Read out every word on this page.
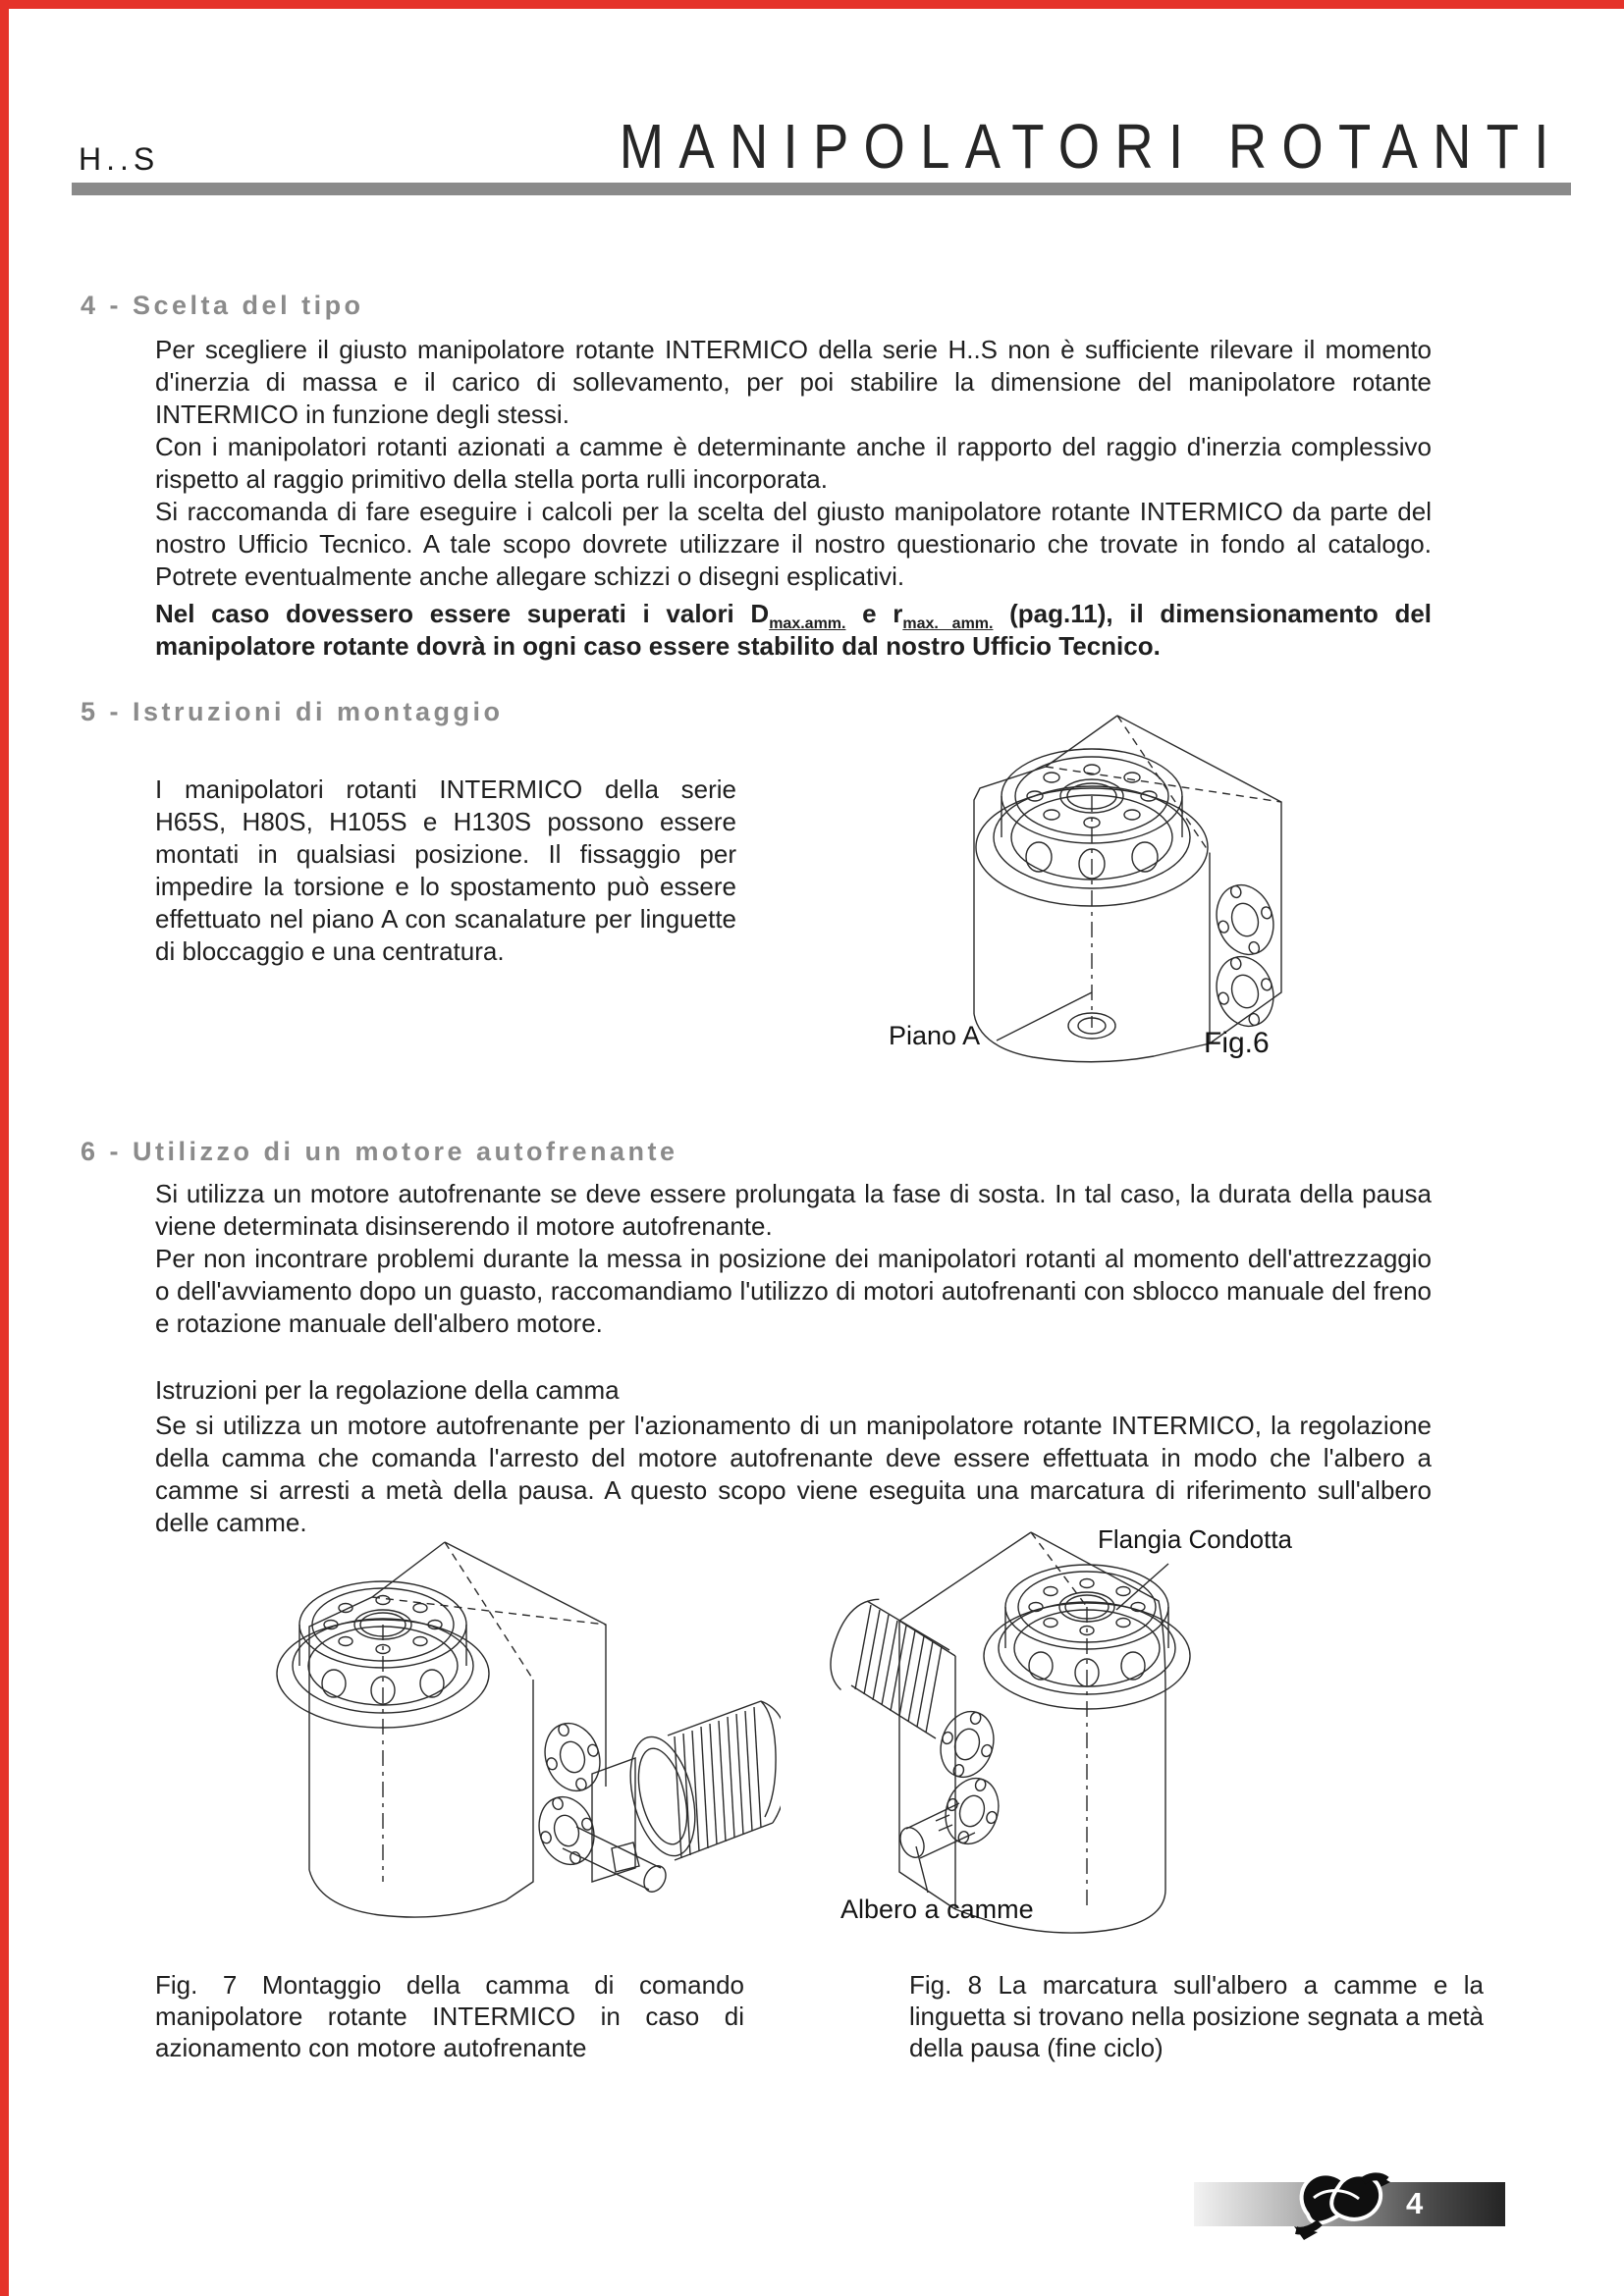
H..S	MANIPOLATORI ROTANTI
4 - Scelta del tipo

Per scegliere il giusto manipolatore rotante INTERMICO della serie H..S non è sufficiente rilevare il momento d'inerzia di massa e il carico di sollevamento, per poi stabilire la dimensione del manipolatore rotante INTERMICO in funzione degli stessi.

Con i manipolatori rotanti azionati a camme è determinante anche il rapporto del raggio d'inerzia complessivo rispetto al raggio primitivo della stella porta rulli incorporata.

Si raccomanda di fare eseguire i calcoli per la scelta del giusto manipolatore rotante INTERMICO da parte del nostro Ufficio Tecnico. A tale scopo dovrete utilizzare il nostro questionario che trovate in fondo al catalogo. Potrete eventualmente anche allegare schizzi o disegni esplicativi.

Nel caso dovessero essere superati i valori $D_{max.amm.}$ e $r_{max. amm.}$ (pag.11), il dimensionamento del manipolatore rotante dovrà in ogni caso essere stabilito dal nostro Ufficio Tecnico.

5 - Istruzioni di montaggio

I manipolatori rotanti INTERMICO della serie H65S, H80S, H105S e H130S possono essere montati in qualsiasi posizione. Il fissaggio per impedire la torsione e lo spostamento può essere effettuato nel piano A con scanalature per linguette di bloccaggio e una centratura.

Piano A	Fig.6
6 - Utilizzo di un motore autofrenante

Si utilizza un motore autofrenante se deve essere prolungata la fase di sosta. In tal caso, la durata della pausa viene determinata disinserendo il motore autofrenante.

Per non incontrare problemi durante la messa in posizione dei manipolatori rotanti al momento dell'attrezzaggio o dell'avviamento dopo un guasto, raccomandiamo l'utilizzo di motori autofrenanti con sblocco manuale del freno e rotazione manuale dell'albero motore.

Istruzioni per la regolazione della camma

Se si utilizza un motore autofrenante per l'azionamento di un manipolatore rotante INTERMICO, la regolazione della camma che comanda l'arresto del motore autofrenante deve essere effettuata in modo che l'albero a camme si arresti a metà della pausa. A questo scopo viene eseguita una marcatura di riferimento sull'albero delle camme.

Flangia Condotta
Albero a camme
Fig. 7 Montaggio della camma di comando manipolatore rotante INTERMICO in caso di azionamento con motore autofrenante
Fig. 8 La marcatura sull'albero a camme e la linguetta si trovano nella posizione segnata a metà della pausa (fine ciclo)
4
